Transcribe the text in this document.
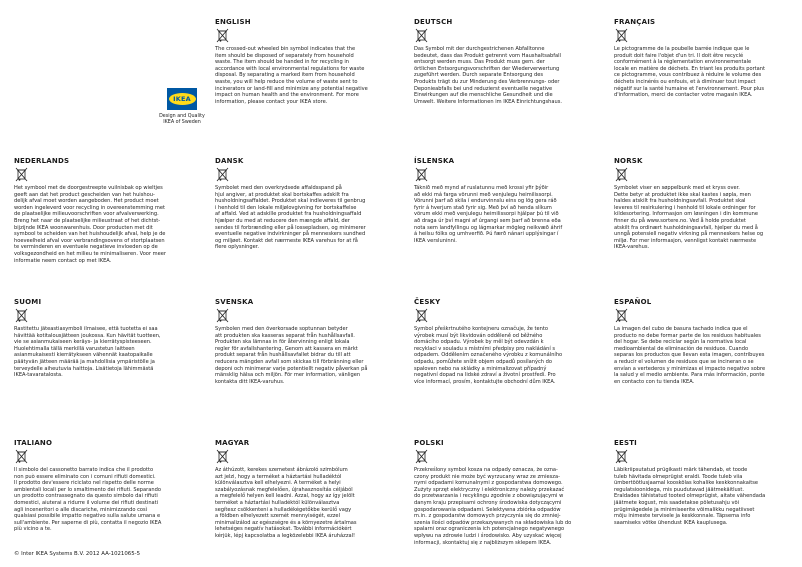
IKEA
Design and Quality
IKEA of Sweden
ENGLISH

The crossed-out wheeled bin symbol indicates that the
item should be disposed of separately from household
waste. The item should be handed in for recycling in
accordance with local environmental regulations for waste
disposal. By separating a marked item from household
waste, you will help reduce the volume of waste sent to
incinerators or land-fill and minimize any potential negative
impact on human health and the environment. For more
information, please contact your IKEA store.

DEUTSCH

Das Symbol mit der durchgestrichenen Abfalltonne
bedeutet, dass das Produkt getrennt vom Haushaltsabfall
entsorgt werden muss. Das Produkt muss gem. der
örtlichen Entsorgungsvorschriften der Wiederverwertung
zugeführt werden. Durch separate Entsorgung des
Produkts trägt du zur Minderung des Verbrennungs- oder
Deponieabfalls bei und reduzierst eventuelle negative
Einwirkungen auf die menschliche Gesundheit und die
Umwelt. Weitere Informationen im IKEA Einrichtungshaus.

FRANÇAIS

Le pictogramme de la poubelle barrée indique que le
produit doit faire l'objet d'un tri. Il doit être recyclé
conformément à la réglementation environnementale
locale en matière de déchets. En triant les produits portant
ce pictogramme, vous contribuez à réduire le volume des
déchets incinérés ou enfouis, et à diminuer tout impact
négatif sur la santé humaine et l'environnement. Pour plus
d'information, merci de contacter votre magasin IKEA.

NEDERLANDS

Het symbool met de doorgestreepte vuilnisbak op wieltjes
geeft aan dat het product gescheiden van het huishou-
delijk afval moet worden aangeboden. Het product moet
worden ingeleverd voor recycling in overeenstemming met
de plaatselijke milieuvoorschriften voor afvalverwerking.
Breng het naar de plaatselijke milieustraat of het dichtst-
bijzijnde IKEA woonwarenhuis. Door producten met dit
symbool te scheiden van het huishoudelijk afval, help je de
hoeveelheid afval voor verbrandingsovens of stortplaatsen
te verminderen en eventuele negatieve invloeden op de
volksgezondheid en het milieu te minimaliseren. Voor meer
informatie neem contact op met IKEA.

DANSK

Symbolet med den overkrydsede affaldsspand på
hjul angiver, at produktet skal bortskaffes adskilt fra
husholdningsaffaldet. Produktet skal indleveres til genbrug
i henhold til den lokale miljølovgivning for bortskaffelse
af affald. Ved at adskille produktet fra husholdningsaffald
hjælper du med at reducere den mængde affald, der
sendes til forbrænding eller på lossepladsen, og minimerer
eventuelle negative indvirkninger på menneskers sundhed
og miljøet. Kontakt det nærmeste IKEA varehus for at få
flere oplysninger.

ÍSLENSKA

Táknið með mynd af ruslatunnu með krossi yfir þýðir
að ekki má farga vörunni með venjulegu heimilissorpi.
Vörunni þarf að skila í endurvinnslu eins og lög gera ráð
fyrir á hverjum stað fyrir sig. Með því að henda slíkum
vörum ekki með venjulegu heimilissorpi hjálpar þú til við
að draga úr því magni af úrgangi sem þarf að brenna eða
nota sem landfyllingu og lágmarkar mögleg neikvæð áhrif
á heilsu fólks og umhverfið. Þú færð nánari upplýsingar í
IKEA versluninni.

NORSK

Symbolet viser en søppelbunk med et kryss over.
Dette betyr at produktet ikke skal kastes i søpla, men
haldes atskilt fra husholdningsavfall. Produktet skal
leveres til resirkulering i henhold til lokale ordninger for
kildesortering. Informasjon om løsningen i din kommune
finner du på www.sortere.no. Ved å holde produktet
atskilt fra ordinært husholdningsavfall, hjelper du med å
unngå potensiell negativ virkning på menneskers helse og
miljø. For mer informasjon, vennligst kontakt nærmeste
IKEA-varehus.

SUOMI

Rastitettu jäteastiasymboli ilmaisee, että tuotetta ei saa
hävittää kotitalousjätteen joukossa. Kun hävität tuotteen,
vie se asianmukaiseen keräys- ja kierrätyspisteeseen.
Huolehtimalla tällä merkillä varustetun laitteen
asianmukaisesti kierrätykseen vähennät kaatopaikalle
päätyvän jätteen määrää ja mahdollisia ympäristölle ja
terveydelle aiheutuvia haittoja. Lisätietoja lähimmästä
IKEA-tavaratalosta.

SVENSKA

Symbolen med den överkorsade soptunnan betyder
att produkten ska kasseras separat från hushållsavfall.
Produkten ska lämnas in för återvinning enligt lokala
regler för avfallshantering. Genom att kassera en märkt
produkt separat från hushållsavfallet bidrar du till att
reducera mängden avfall som skickas till förbränning eller
deponi och minimerar varje potentiellt negativ påverkan på
mänsklig hälsa och miljön. För mer information, vänligen
kontakta ditt IKEA-varuhus.

ČESKY

Symbol přeškrtnutého kontejneru označuje, že tento
výrobek musí být likvidován odděleně od běžného
domácího odpadu. Výrobek by měl být odevzdán k
recyklaci v souladu s místními předpisy pro nakládání s
odpadem. Oddělením označeného výrobku z komunálního
odpadu, pomůžete snížit objem odpadů posílaných do
spaloven nebo na skládky a minimalizovat případný
negativní dopad na lidské zdraví a životní prostředí. Pro
více informací, prosím, kontaktujte obchodní dům IKEA.

ESPAÑOL

La imagen del cubo de basura tachado indica que el
producto no debe formar parte de los residuos habituales
del hogar. Se debe reciclar según la normativa local
medioambiental de eliminación de residuos. Cuando
separas los productos que llevan esta imagen, contribuyes
a reducir el volumen de residuos que se incineran o se
envían a vertederos y minimizas el impacto negativo sobre
la salud y el medio ambiente. Para más información, ponte
en contacto con tu tienda IKEA.

ITALIANO

Il simbolo del cassonetto barrato indica che il prodotto
non può essere eliminato con i comuni rifiuti domestici.
Il prodotto dev'essere riciclato nel rispetto delle norme
ambientali locali per lo smaltimento dei rifiuti. Separando
un prodotto contrassegnato da questo simbolo dai rifiuti
domestici, aiuterai a ridurre il volume dei rifiuti destinati
agli inceneritori o alle discariche, minimizzando così
qualsiasi possibile impatto negativo sulla salute umana e
sull'ambiente. Per saperne di più, contatta il negozio IKEA
più vicino a te.

MAGYAR

Az áthúzott, kerekes szemetest ábrázoló szimbólum
azt jelzi, hogy a terméket a háztartási hulladéktól
különválasztva kell elhelyezni. A terméket a helyi
szabályozásnak megfelelően, újrahasznosítás céljából
a megfelelő helyen kell leadni. Azzal, hogy az így jelölt
terméket a háztartási hulladéktól különválasztva
segítesz csökkenteni a hulladékégetőkbe kerülő vagy
a földben elhelyezett szemét mennyiségét, ezzel
minimalizálod az egészségre és a környezetre ártalmas
lehetséges negatív hatásokat. További információkért
kérjük, lépj kapcsolatba a legközelebbi IKEA áruházzal!

POLSKI

Przekreślony symbol kosza na odpady oznacza, że ozna-
czony produkt nie może być wyrzucany wraz ze zmiesza-
nymi odpadami komunalnymi z gospodarstwa domowego.
Zużyty sprzęt elektryczny i elektroniczny należy przekazać
do przetwarzania i recyklingu zgodnie z obowiązującymi w
danym kraju przepisami ochrony środowiska dotyczącymi
gospodarowania odpadami. Selektywna zbiórka odpadów
m.in. z gospodarstw domowych przyczynia się do zmniej-
szenia ilości odpadów przekazywanych na składowiska lub do
spalarni oraz ograniczenia ich potencjalnego negatywnego
wpływu na zdrowie ludzi i środowisko. Aby uzyskać więcej
informacji, skontaktuj się z najbliższym sklepem IKEA.

EESTI

Läbikriipsutatud prügikasti märk tähendab, et toode
tuleb hävitada olmeprügist eraldi. Toode tuleb viia
ümbertöötlusjaamal kooskõlas kohalike keskkonnakaitse
regulatsioonidega, mis puudutavad jäätmekäitlust.
Eraldades tähistatud tooted olmeprügist, aitate vähendada
jäätmete kogust, mis saadetakse põletusahju või
prügimägedele ja minimiseerite võimalikku negatiivset
mõju inimeste tervisele ja keskkonnale. Täpsema info
saamiseks võtke ühendust IKEA kauplusega.

© Inter IKEA Systems B.V. 2012 AA-1021065-5
